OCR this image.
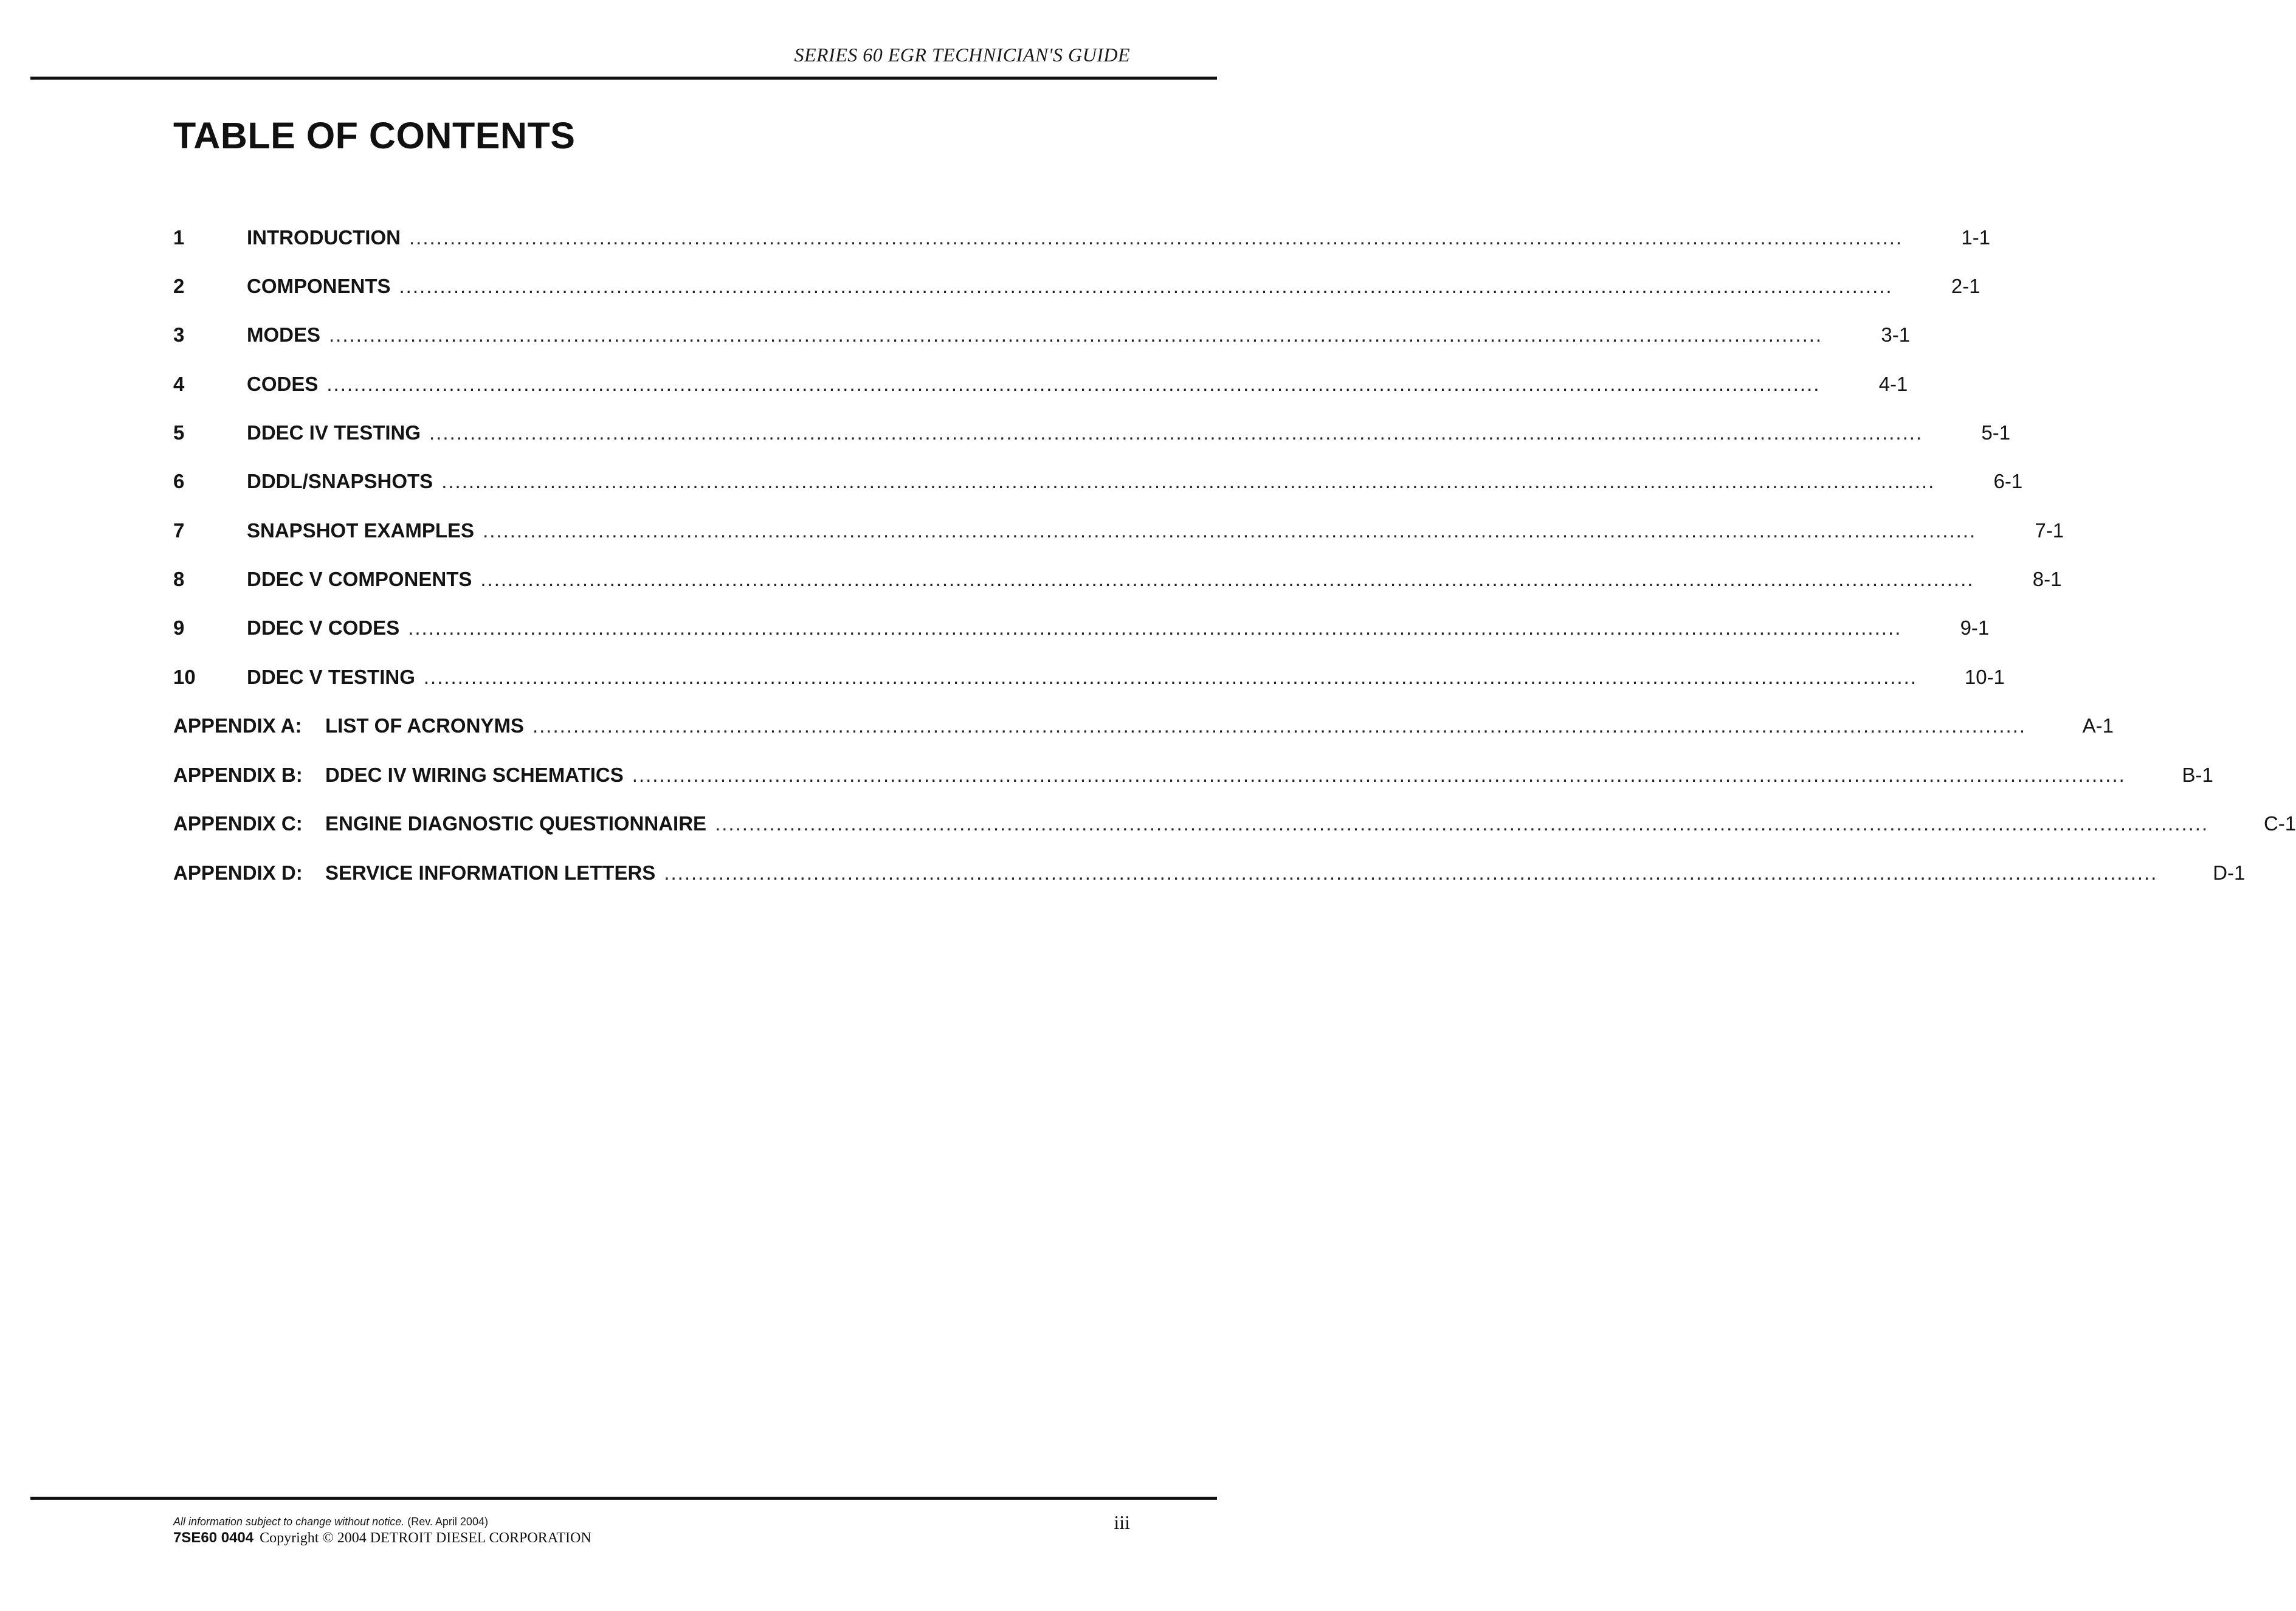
SERIES 60 EGR TECHNICIAN'S GUIDE
TABLE OF CONTENTS
1	INTRODUCTION ............................................................................................................................................................................................................................	1-1
2	COMPONENTS ............................................................................................................................................................................................................................	2-1
3	MODES ............................................................................................................................................................................................................................	3-1
4	CODES ............................................................................................................................................................................................................................	4-1
5	DDEC IV TESTING ............................................................................................................................................................................................................................	5-1
6	DDDL/SNAPSHOTS ............................................................................................................................................................................................................................	6-1
7	SNAPSHOT EXAMPLES ............................................................................................................................................................................................................................	7-1
8	DDEC V COMPONENTS ............................................................................................................................................................................................................................	8-1
9	DDEC V CODES ............................................................................................................................................................................................................................	9-1
10	DDEC V TESTING ............................................................................................................................................................................................................................	10-1
APPENDIX A:	LIST OF ACRONYMS ............................................................................................................................................................................................................................	A-1
APPENDIX B:	DDEC IV WIRING SCHEMATICS ............................................................................................................................................................................................................................	B-1
APPENDIX C:	ENGINE DIAGNOSTIC QUESTIONNAIRE ............................................................................................................................................................................................................................	C-1
APPENDIX D:	SERVICE INFORMATION LETTERS ............................................................................................................................................................................................................................	D-1
All information subject to change without notice. (Rev. April 2004)
7SE60 0404 Copyright © 2004 DETROIT DIESEL CORPORATION
iii
